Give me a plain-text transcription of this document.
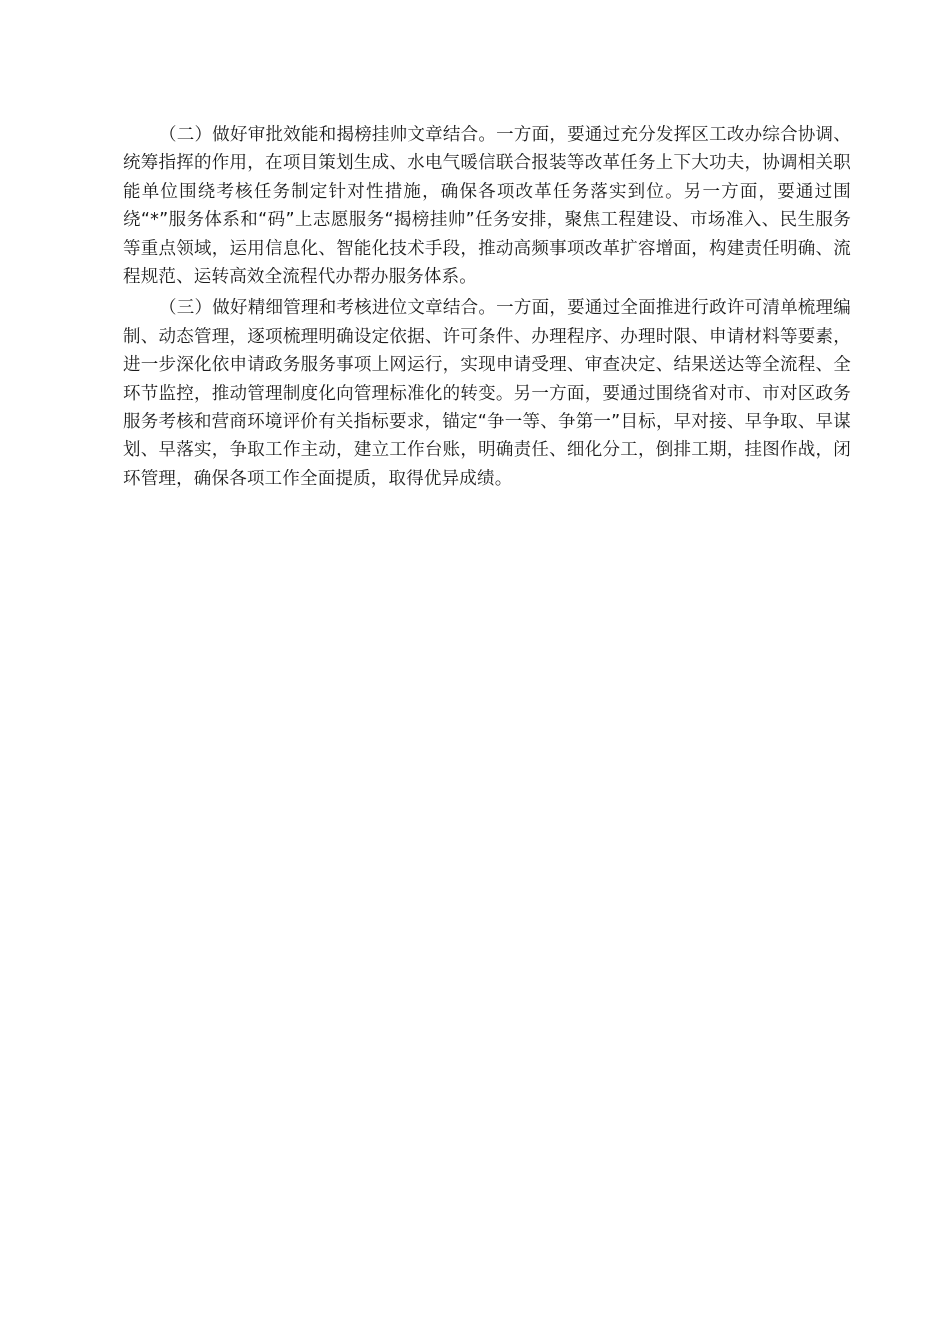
（二）做好审批效能和揭榜挂帅文章结合。一方面，要通过充分发挥区工改办综合协调、统筹指挥的作用，在项目策划生成、水电气暖信联合报装等改革任务上下大功夫，协调相关职能单位围绕考核任务制定针对性措施，确保各项改革任务落实到位。另一方面，要通过围绕“*”服务体系和“码”上志愿服务“揭榜挂帅”任务安排，聚焦工程建设、市场准入、民生服务等重点领域，运用信息化、智能化技术手段，推动高频事项改革扩容增面，构建责任明确、流程规范、运转高效全流程代办帮办服务体系。

（三）做好精细管理和考核进位文章结合。一方面，要通过全面推进行政许可清单梳理编制、动态管理，逐项梳理明确设定依据、许可条件、办理程序、办理时限、申请材料等要素，进一步深化依申请政务服务事项上网运行，实现申请受理、审查决定、结果送达等全流程、全环节监控，推动管理制度化向管理标准化的转变。另一方面，要通过围绕省对市、市对区政务服务考核和营商环境评价有关指标要求，锚定“争一等、争第一”目标，早对接、早争取、早谋划、早落实，争取工作主动，建立工作台账，明确责任、细化分工，倒排工期，挂图作战，闭环管理，确保各项工作全面提质，取得优异成绩。
